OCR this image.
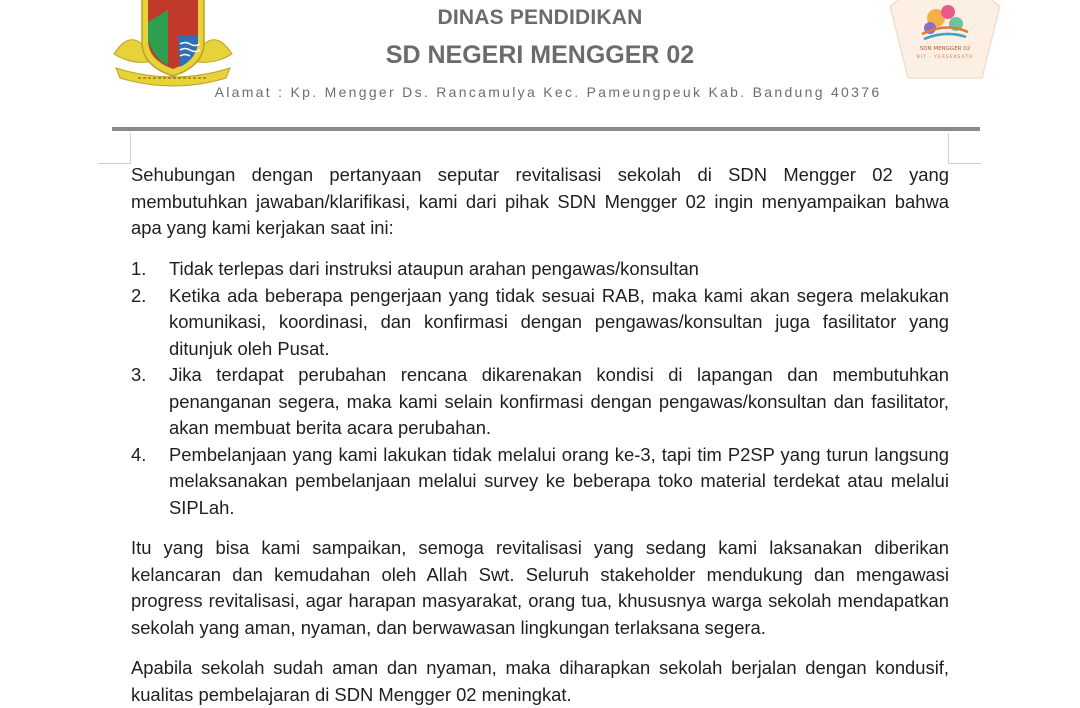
SDN MENGGER 02
BIT · YERSEKSATU
DINAS PENDIDIKAN
SD NEGERI MENGGER 02
Alamat : Kp. Mengger Ds. Rancamulya Kec. Pameungpeuk Kab. Bandung 40376

Sehubungan dengan pertanyaan seputar revitalisasi sekolah di SDN Mengger 02 yang membutuhkan jawaban/klarifikasi, kami dari pihak SDN Mengger 02 ingin menyampaikan bahwa apa yang kami kerjakan saat ini:

1. Tidak terlepas dari instruksi ataupun arahan pengawas/konsultan
2. Ketika ada beberapa pengerjaan yang tidak sesuai RAB, maka kami akan segera melakukan komunikasi, koordinasi, dan konfirmasi dengan pengawas/konsultan juga fasilitator yang ditunjuk oleh Pusat.
3. Jika terdapat perubahan rencana dikarenakan kondisi di lapangan dan membutuhkan penanganan segera, maka kami selain konfirmasi dengan pengawas/konsultan dan fasilitator, akan membuat berita acara perubahan.
4. Pembelanjaan yang kami lakukan tidak melalui orang ke-3, tapi tim P2SP yang turun langsung melaksanakan pembelanjaan melalui survey ke beberapa toko material terdekat atau melalui SIPLah.

Itu yang bisa kami sampaikan, semoga revitalisasi yang sedang kami laksanakan diberikan kelancaran dan kemudahan oleh Allah Swt. Seluruh stakeholder mendukung dan mengawasi progress revitalisasi, agar harapan masyarakat, orang tua, khususnya warga sekolah mendapatkan sekolah yang aman, nyaman, dan berwawasan lingkungan terlaksana segera.

Apabila sekolah sudah aman dan nyaman, maka diharapkan sekolah berjalan dengan kondusif, kualitas pembelajaran di SDN Mengger 02 meningkat.
